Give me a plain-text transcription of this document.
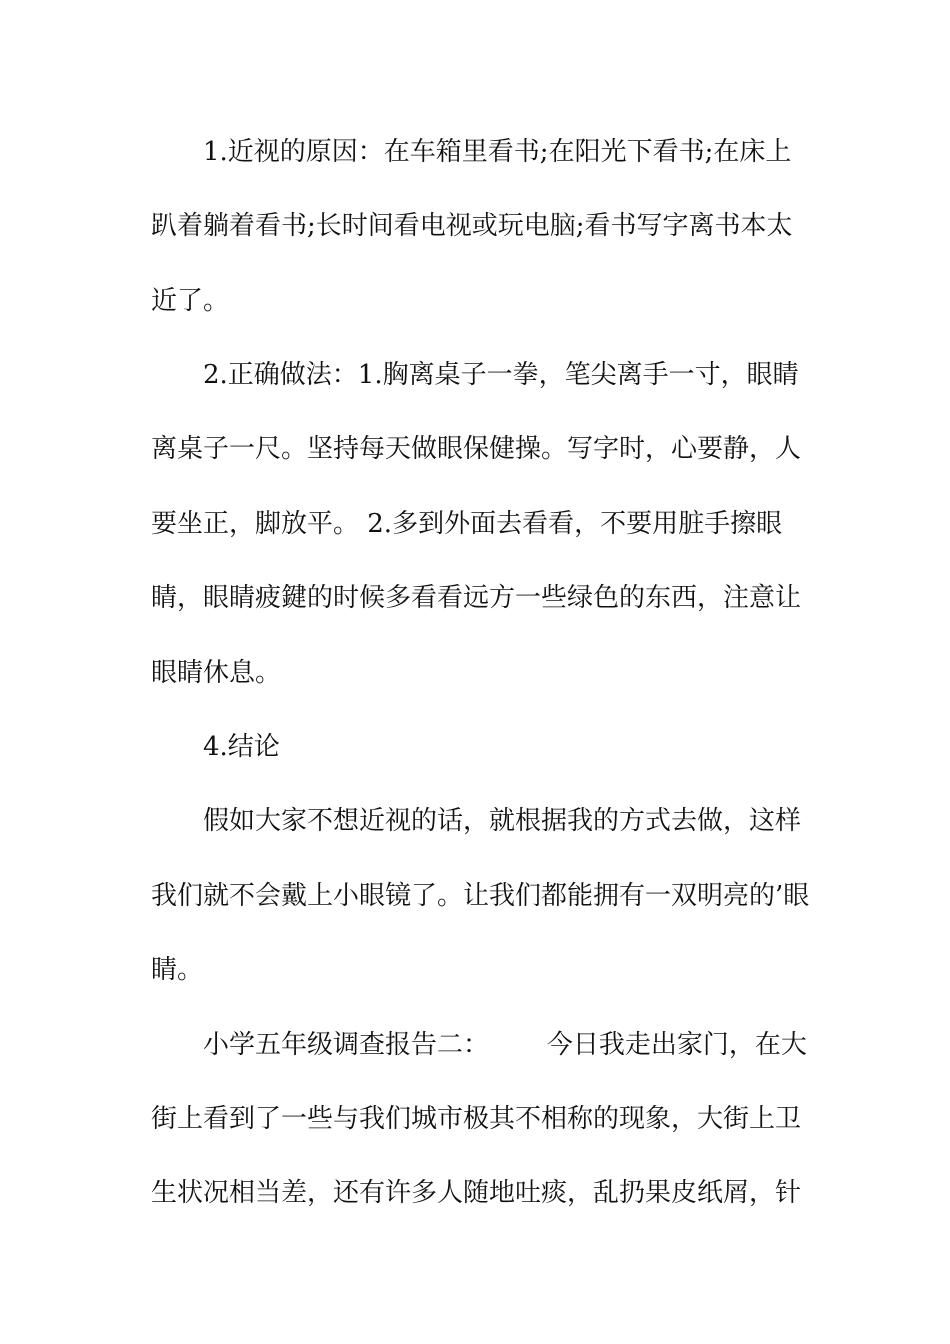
1.近视的原因：在车箱里看书;在阳光下看书;在床上
趴着躺着看书;长时间看电视或玩电脑;看书写字离书本太
近了。
2.正确做法：1.胸离桌子一拳，笔尖离手一寸，眼睛
离桌子一尺。坚持每天做眼保健操。写字时，心要静，人
要坐正，脚放平。 2.多到外面去看看，不要用脏手擦眼
睛，眼睛疲鍵的时候多看看远方一些绿色的东西，注意让
眼睛休息。
4.结论
假如大家不想近视的话，就根据我的方式去做，这样
我们就不会戴上小眼镜了。让我们都能拥有一双明亮的’眼
睛。
小学五年级调查报告二：       今日我走出家门，在大
街上看到了一些与我们城市极其不相称的现象，大街上卫
生状况相当差，还有许多人随地吐痰，乱扔果皮纸屑，针
